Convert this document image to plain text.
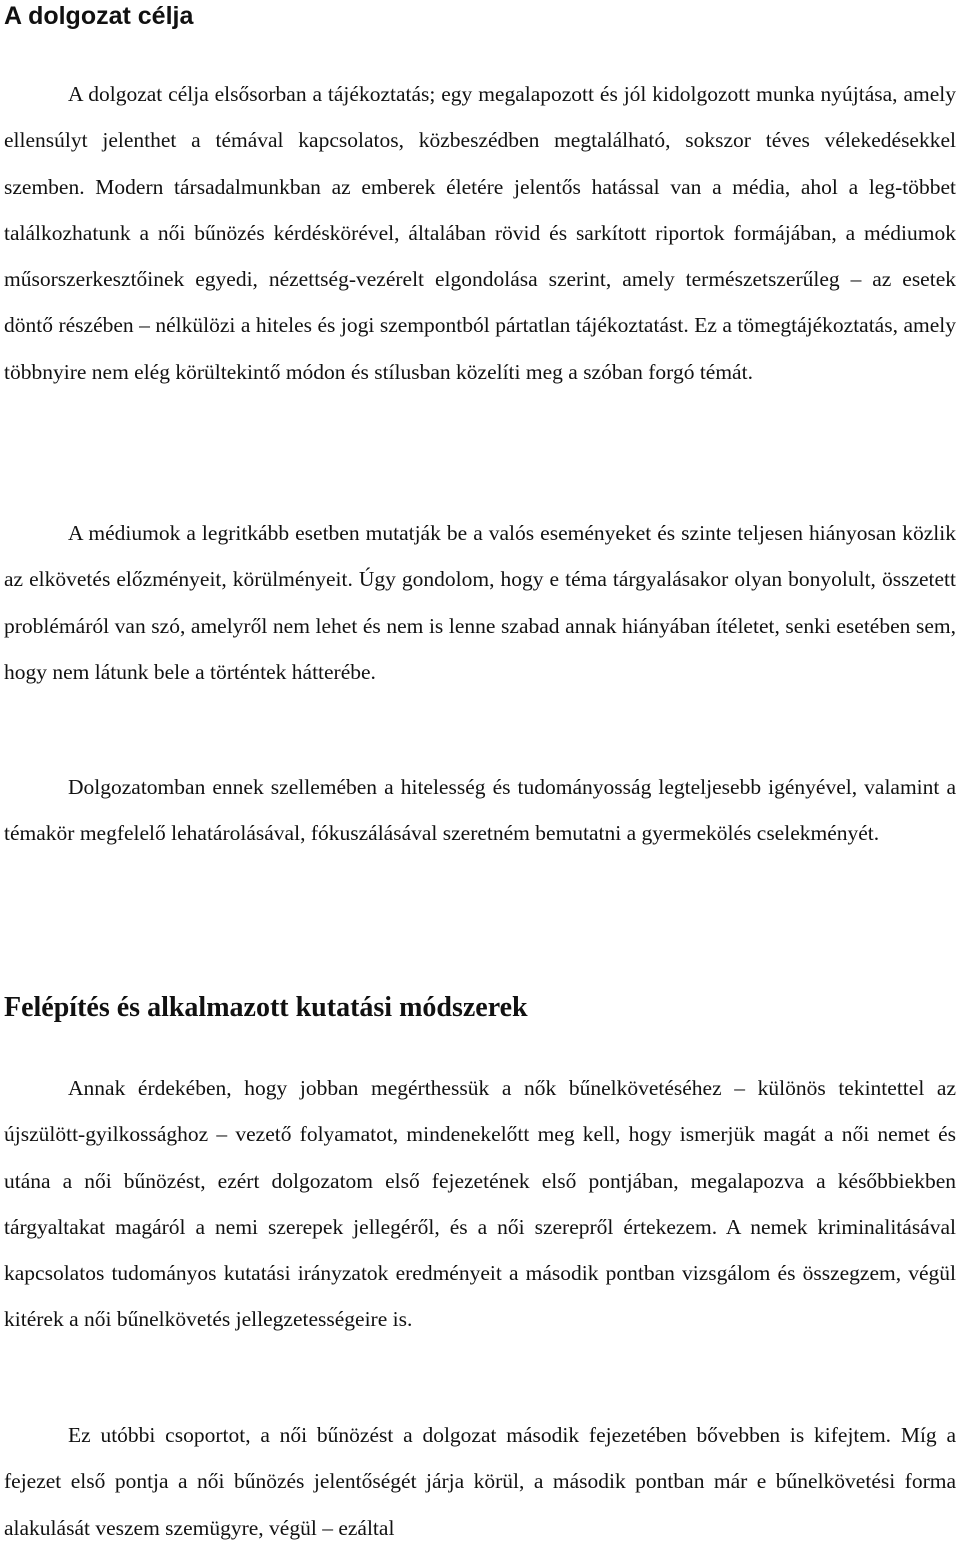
A dolgozat célja

A dolgozat célja elsősorban a tájékoztatás; egy megalapozott és jól kidolgozott munka nyújtása, amely ellensúlyt jelenthet a témával kapcsolatos, közbeszédben megtalálható, sokszor téves vélekedésekkel szemben. Modern társadalmunkban az emberek életére jelentős hatással van a média, ahol a leg-többet találkozhatunk a női bűnözés kérdéskörével, általában rövid és sarkított riportok formájában, a médiumok műsorszerkesztőinek egyedi, nézettség-vezérelt elgondolása szerint, amely természetszerűleg – az esetek döntő részében – nélkülözi a hiteles és jogi szempontból pártatlan tájékoztatást. Ez a tömegtájékoztatás, amely többnyire nem elég körültekintő módon és stílusban közelíti meg a szóban forgó témát.

A médiumok a legritkább esetben mutatják be a valós eseményeket és szinte teljesen hiányosan közlik az elkövetés előzményeit, körülményeit. Úgy gondolom, hogy e téma tárgyalásakor olyan bonyolult, összetett problémáról van szó, amelyről nem lehet és nem is lenne szabad annak hiányában ítéletet, senki esetében sem, hogy nem látunk bele a történtek hátterébe.

Dolgozatomban ennek szellemében a hitelesség és tudományosság legteljesebb igényével, valamint a témakör megfelelő lehatárolásával, fókuszálásával szeretném bemutatni a gyermekölés cselekményét.

Felépítés és alkalmazott kutatási módszerek

Annak érdekében, hogy jobban megérthessük a nők bűnelkövetéséhez – különös tekintettel az újszülött-gyilkossághoz – vezető folyamatot, mindenekelőtt meg kell, hogy ismerjük magát a női nemet és utána a női bűnözést, ezért dolgozatom első fejezetének első pontjában, megalapozva a későbbiekben tárgyaltakat magáról a nemi szerepek jellegéről, és a női szerepről értekezem. A nemek kriminalitásával kapcsolatos tudományos kutatási irányzatok eredményeit a második pontban vizsgálom és összegzem, végül kitérek a női bűnelkövetés jellegzetességeire is.

Ez utóbbi csoportot, a női bűnözést a dolgozat második fejezetében bővebben is kifejtem. Míg a fejezet első pontja a női bűnözés jelentőségét járja körül, a második pontban már e bűnelkövetési forma alakulását veszem szemügyre, végül – ezáltal
